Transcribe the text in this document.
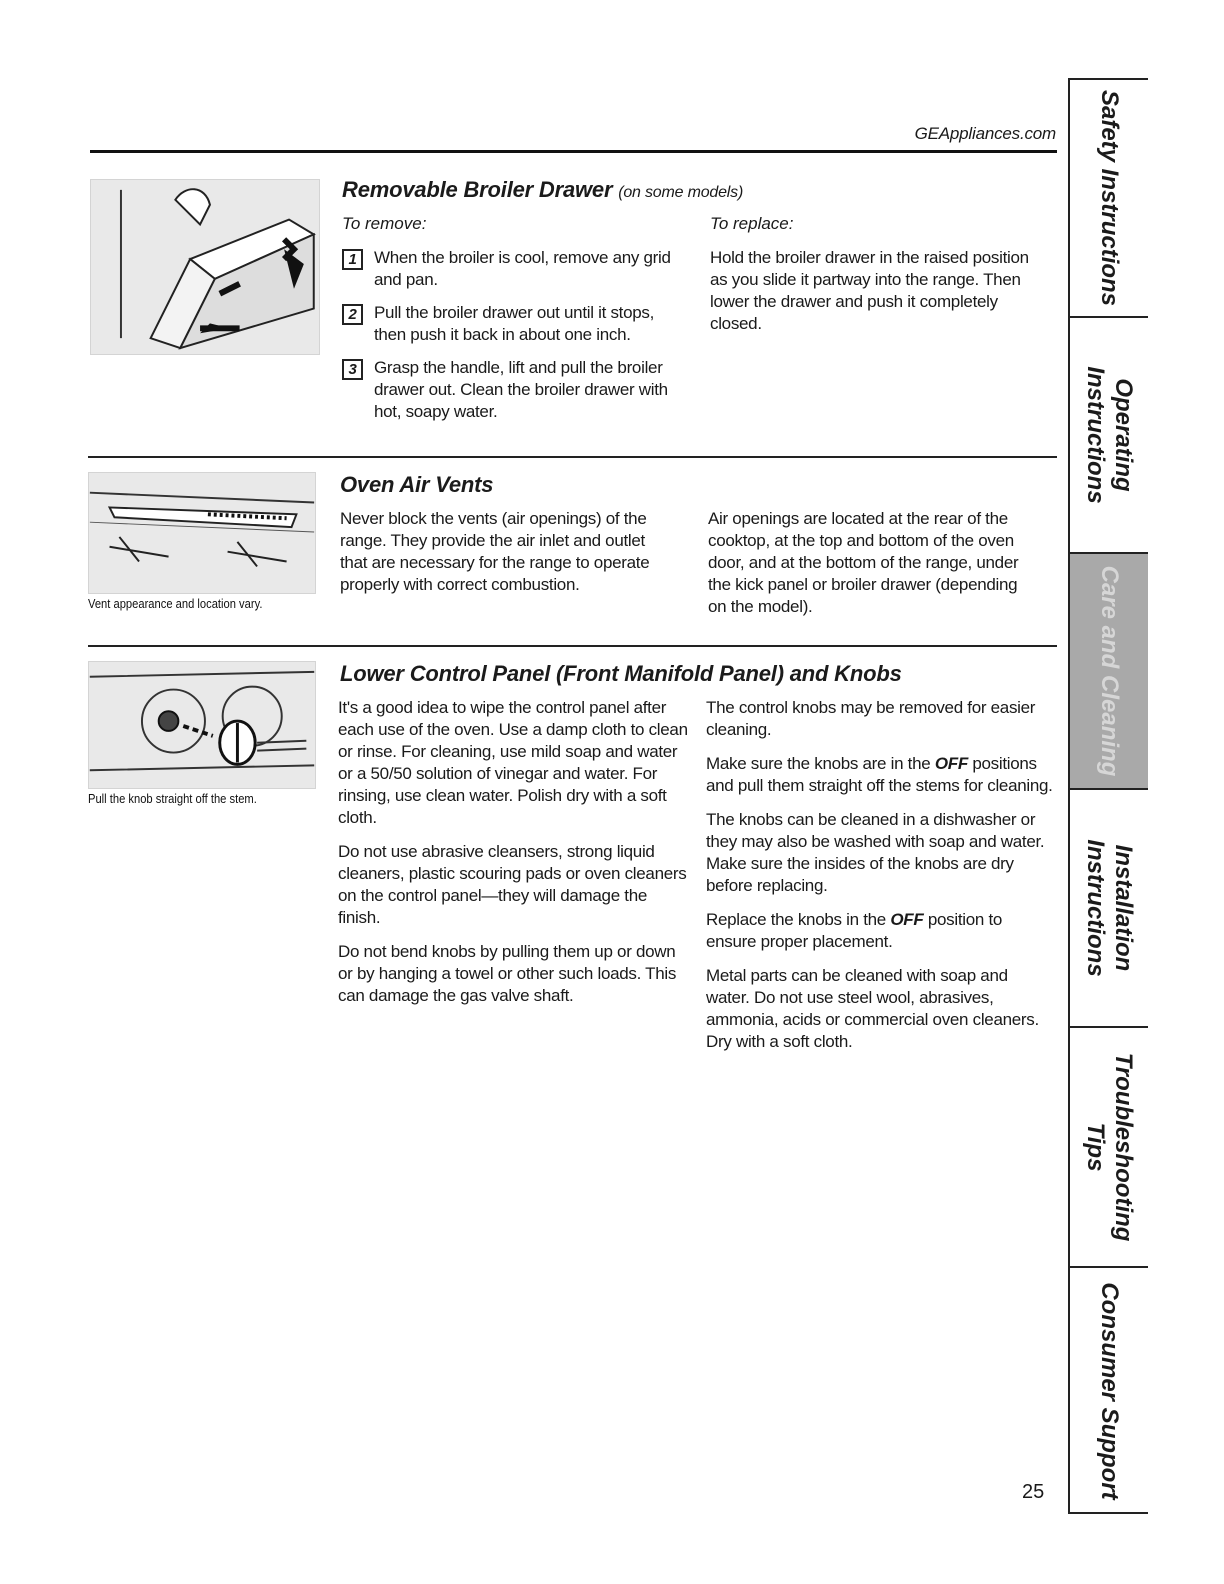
GEAppliances.com
Removable Broiler Drawer (on some models)
To remove:	To replace:
1	When the broiler is cool, remove any grid and pan.
2	Pull the broiler drawer out until it stops, then push it back in about one inch.
3	Grasp the handle, lift and pull the broiler drawer out. Clean the broiler drawer with hot, soapy water.
Hold the broiler drawer in the raised position as you slide it partway into the range. Then lower the drawer and push it completely closed.
Vent appearance and location vary.
Oven Air Vents
Never block the vents (air openings) of the range. They provide the air inlet and outlet that are necessary for the range to operate properly with correct combustion.
Air openings are located at the rear of the cooktop, at the top and bottom of the oven door, and at the bottom of the range, under the kick panel or broiler drawer (depending on the model).
Pull the knob straight off the stem.
Lower Control Panel (Front Manifold Panel) and Knobs

It's a good idea to wipe the control panel after each use of the oven. Use a damp cloth to clean or rinse. For cleaning, use mild soap and water or a 50/50 solution of vinegar and water. For rinsing, use clean water. Polish dry with a soft cloth.

Do not use abrasive cleansers, strong liquid cleaners, plastic scouring pads or oven cleaners on the control panel—they will damage the finish.

Do not bend knobs by pulling them up or down or by hanging a towel or other such loads. This can damage the gas valve shaft.

The control knobs may be removed for easier cleaning.

Make sure the knobs are in the OFF positions and pull them straight off the stems for cleaning.

The knobs can be cleaned in a dishwasher or they may also be washed with soap and water. Make sure the insides of the knobs are dry before replacing.

Replace the knobs in the OFF position to ensure proper placement.

Metal parts can be cleaned with soap and water. Do not use steel wool, abrasives, ammonia, acids or commercial oven cleaners. Dry with a soft cloth.

25
Safety Instructions
Operating
Instructions
Care and Cleaning
Installation
Instructions
Troubleshooting
Tips
Consumer Support
